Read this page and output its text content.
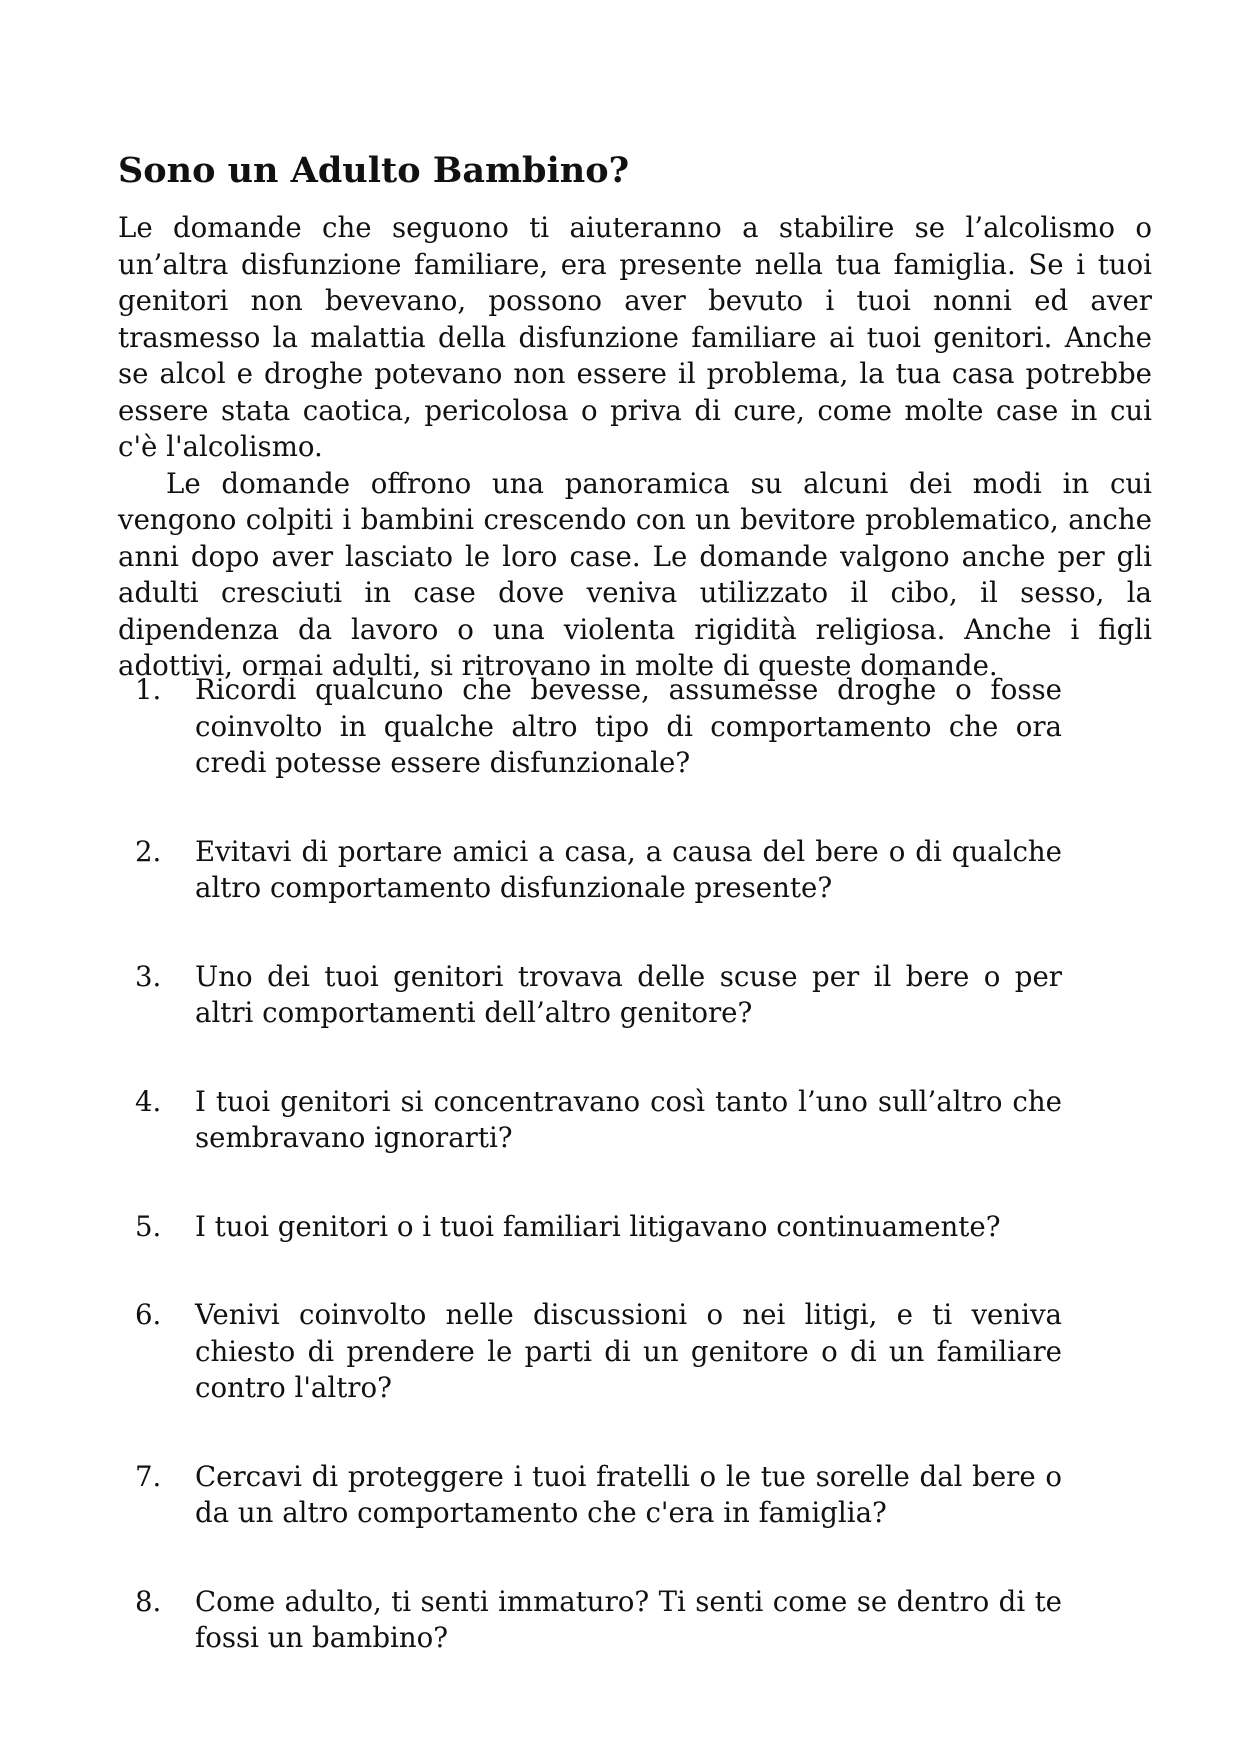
Sono un Adulto Bambino?

Le domande che seguono ti aiuteranno a stabilire se l’alcolismo o un’altra disfunzione familiare, era presente nella tua famiglia. Se i tuoi genitori non bevevano, possono aver bevuto i tuoi nonni ed aver trasmesso la malattia della disfunzione familiare ai tuoi genitori. Anche se alcol e droghe potevano non essere il problema, la tua casa potrebbe essere stata caotica, pericolosa o priva di cure, come molte case in cui c'è l'alcolismo.

Le domande offrono una panoramica su alcuni dei modi in cui vengono colpiti i bambini crescendo con un bevitore problematico, anche anni dopo aver lasciato le loro case. Le domande valgono anche per gli adulti cresciuti in case dove veniva utilizzato il cibo, il sesso, la dipendenza da lavoro o una violenta rigidità religiosa. Anche i figli adottivi, ormai adulti, si ritrovano in molte di queste domande.

1.	Ricordi qualcuno che bevesse, assumesse droghe o fosse coinvolto in qualche altro tipo di comportamento che ora credi potesse essere disfunzionale?
2.	Evitavi di portare amici a casa, a causa del bere o di qualche altro comportamento disfunzionale presente?
3.	Uno dei tuoi genitori trovava delle scuse per il bere o per altri comportamenti dell’altro genitore?
4.	I tuoi genitori si concentravano così tanto l’uno sull’altro che sembravano ignorarti?
5.	I tuoi genitori o i tuoi familiari litigavano continuamente?
6.	Venivi coinvolto nelle discussioni o nei litigi, e ti veniva chiesto di prendere le parti di un genitore o di un familiare contro l'altro?
7.	Cercavi di proteggere i tuoi fratelli o le tue sorelle dal bere o da un altro comportamento che c'era in famiglia?
8.	Come adulto, ti senti immaturo? Ti senti come se dentro di te fossi un bambino?
